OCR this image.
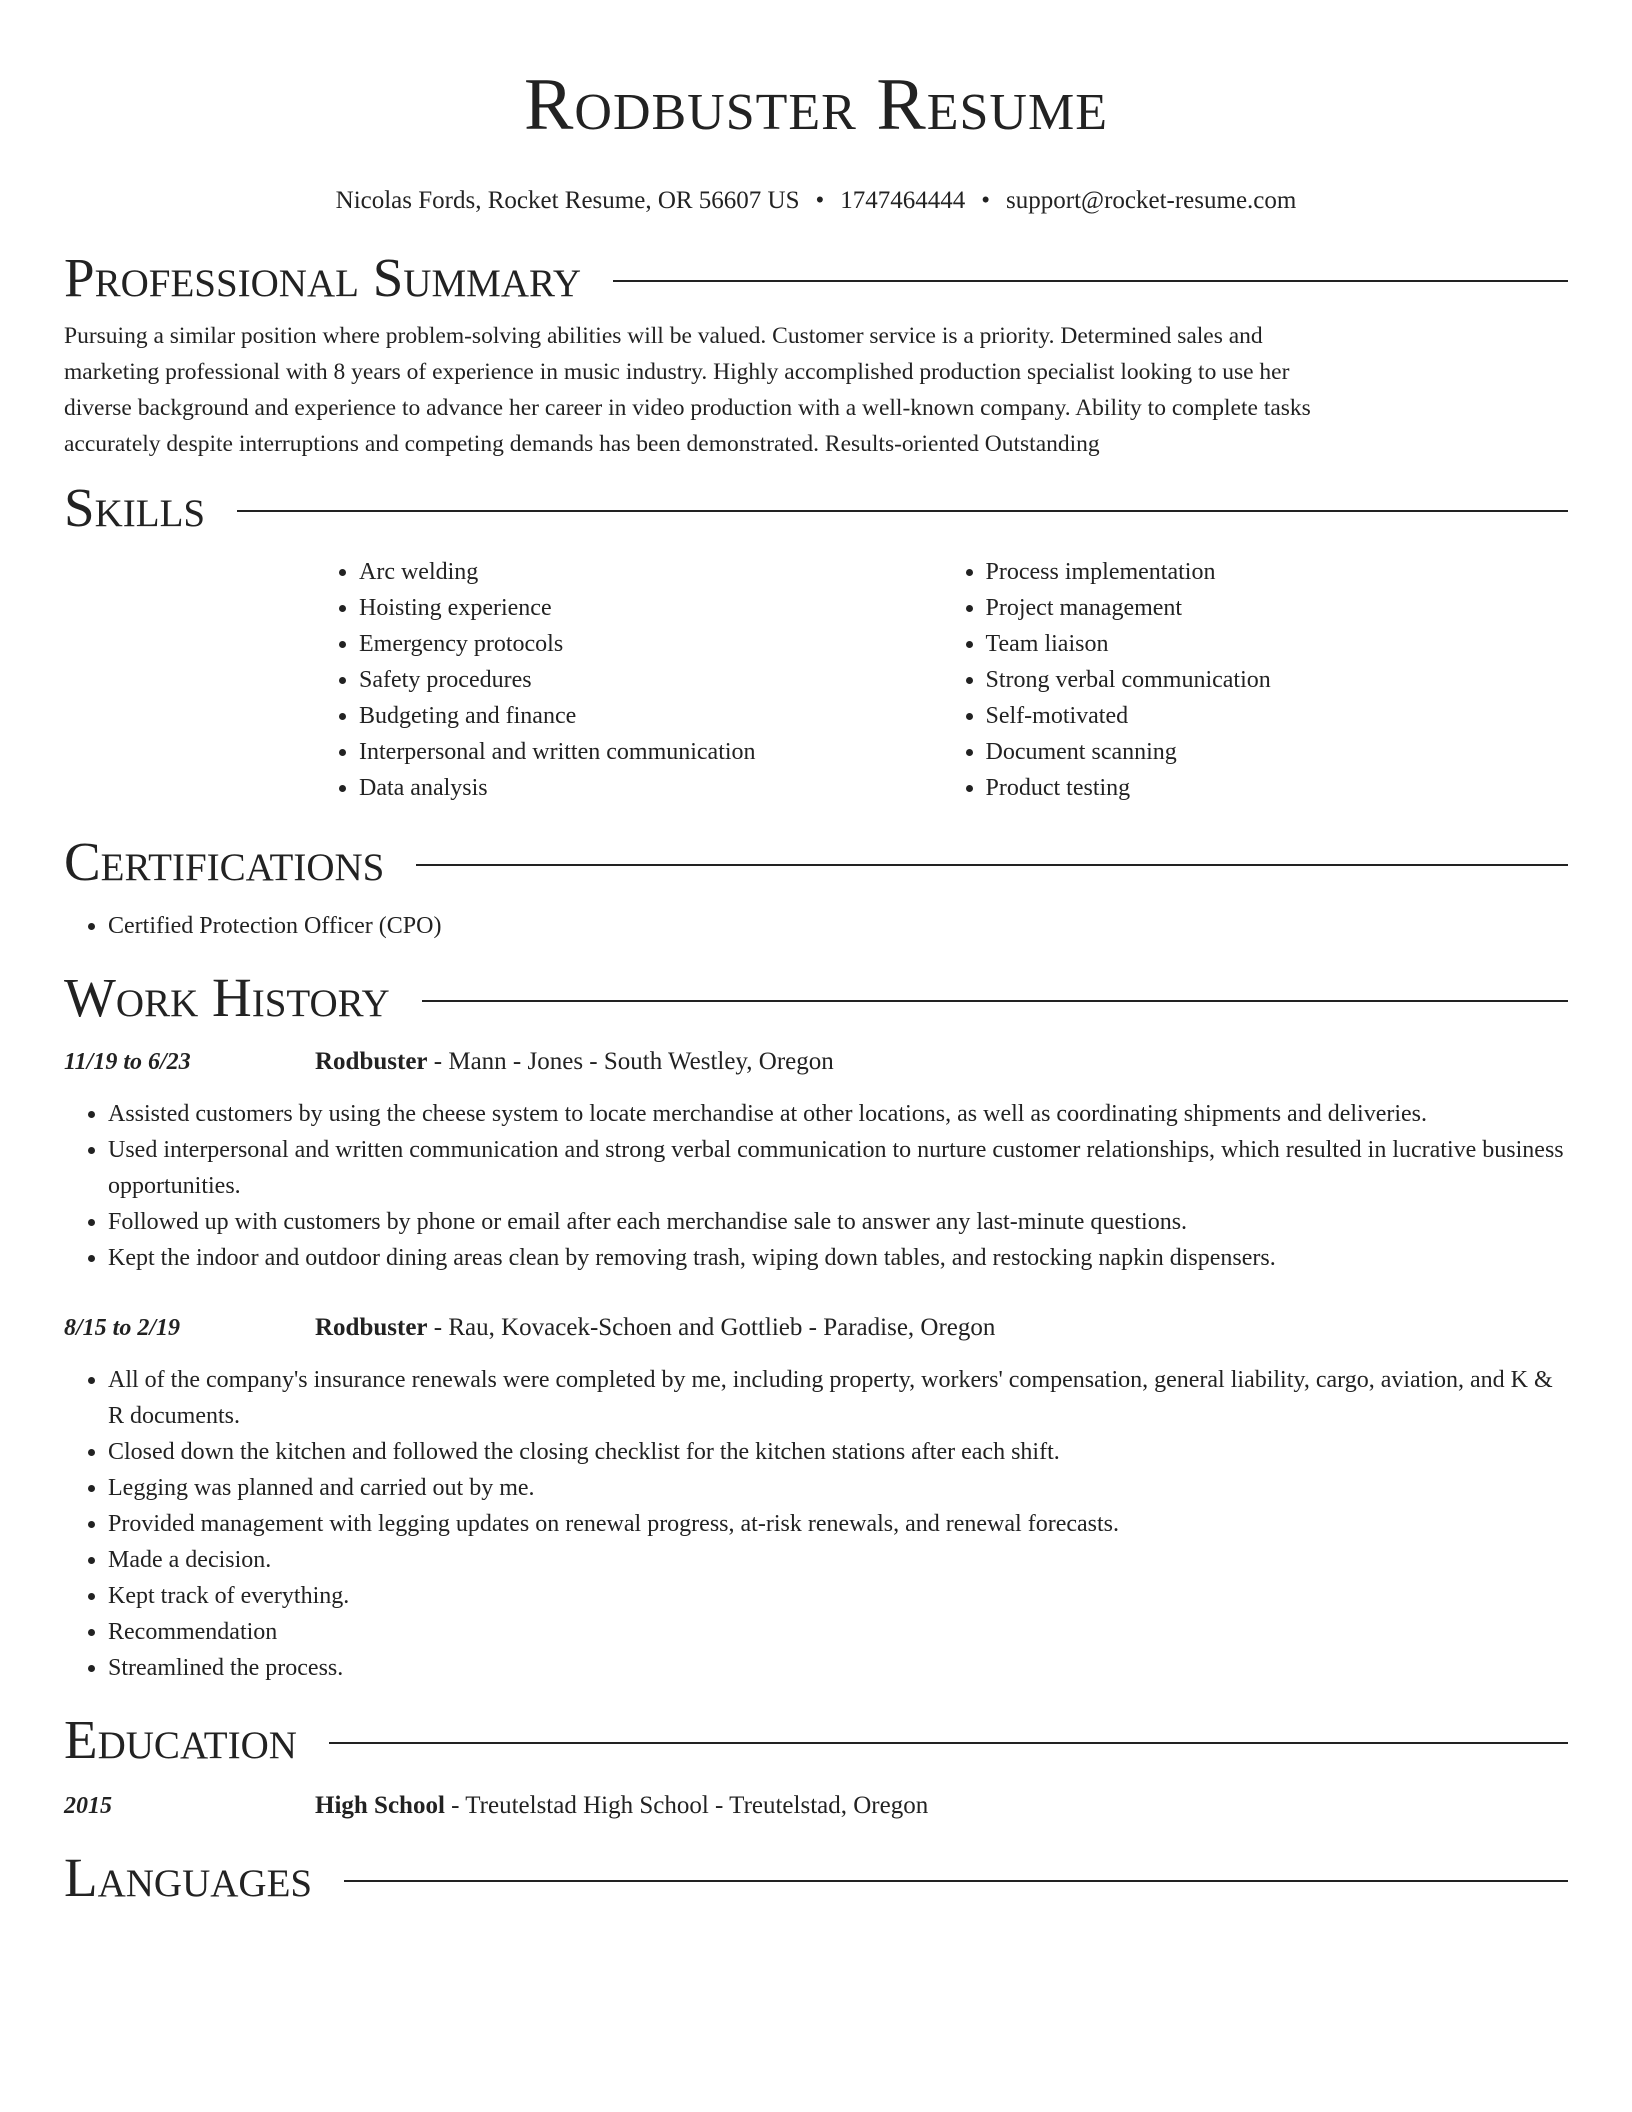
Rodbuster Resume
Nicolas Fords, Rocket Resume, OR 56607 US • 1747464444 • support@rocket-resume.com
Professional Summary

Pursuing a similar position where problem-solving abilities will be valued. Customer service is a priority. Determined sales and marketing professional with 8 years of experience in music industry. Highly accomplished production specialist looking to use her diverse background and experience to advance her career in video production with a well-known company. Ability to complete tasks accurately despite interruptions and competing demands has been demonstrated. Results-oriented Outstanding

Skills
• Arc welding
• Hoisting experience
• Emergency protocols
• Safety procedures
• Budgeting and finance
• Interpersonal and written communication
• Data analysis
• Process implementation
• Project management
• Team liaison
• Strong verbal communication
• Self-motivated
• Document scanning
• Product testing
Certifications
• Certified Protection Officer (CPO)
Work History
11/19 to 6/23	Rodbuster - Mann - Jones - South Westley, Oregon
• Assisted customers by using the cheese system to locate merchandise at other locations, as well as coordinating shipments and deliveries.
• Used interpersonal and written communication and strong verbal communication to nurture customer relationships, which resulted in lucrative business opportunities.
• Followed up with customers by phone or email after each merchandise sale to answer any last-minute questions.
• Kept the indoor and outdoor dining areas clean by removing trash, wiping down tables, and restocking napkin dispensers.
8/15 to 2/19	Rodbuster - Rau, Kovacek-Schoen and Gottlieb - Paradise, Oregon
• All of the company's insurance renewals were completed by me, including property, workers' compensation, general liability, cargo, aviation, and K & R documents.
• Closed down the kitchen and followed the closing checklist for the kitchen stations after each shift.
• Legging was planned and carried out by me.
• Provided management with legging updates on renewal progress, at-risk renewals, and renewal forecasts.
• Made a decision.
• Kept track of everything.
• Recommendation
• Streamlined the process.
Education
2015	High School - Treutelstad High School - Treutelstad, Oregon
Languages
